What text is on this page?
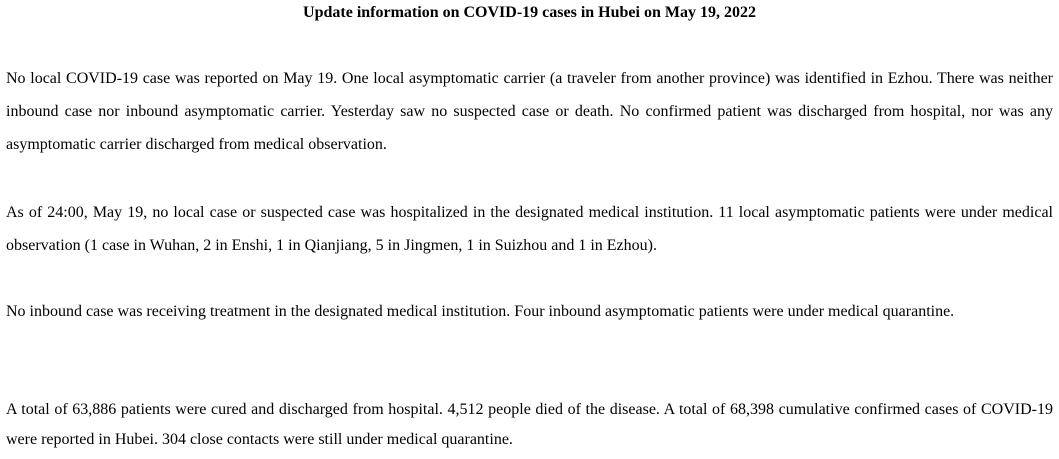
Update information on COVID-19 cases in Hubei on May 19, 2022

No local COVID-19 case was reported on May 19. One local asymptomatic carrier (a traveler from another province) was identified in Ezhou. There was neither inbound case nor inbound asymptomatic carrier. Yesterday saw no suspected case or death. No confirmed patient was discharged from hospital, nor was any asymptomatic carrier discharged from medical observation.

As of 24:00, May 19, no local case or suspected case was hospitalized in the designated medical institution. 11 local asymptomatic patients were under medical observation (1 case in Wuhan, 2 in Enshi, 1 in Qianjiang, 5 in Jingmen, 1 in Suizhou and 1 in Ezhou).

No inbound case was receiving treatment in the designated medical institution. Four inbound asymptomatic patients were under medical quarantine.

A total of 63,886 patients were cured and discharged from hospital. 4,512 people died of the disease. A total of 68,398 cumulative confirmed cases of COVID-19 were reported in Hubei. 304 close contacts were still under medical quarantine.
